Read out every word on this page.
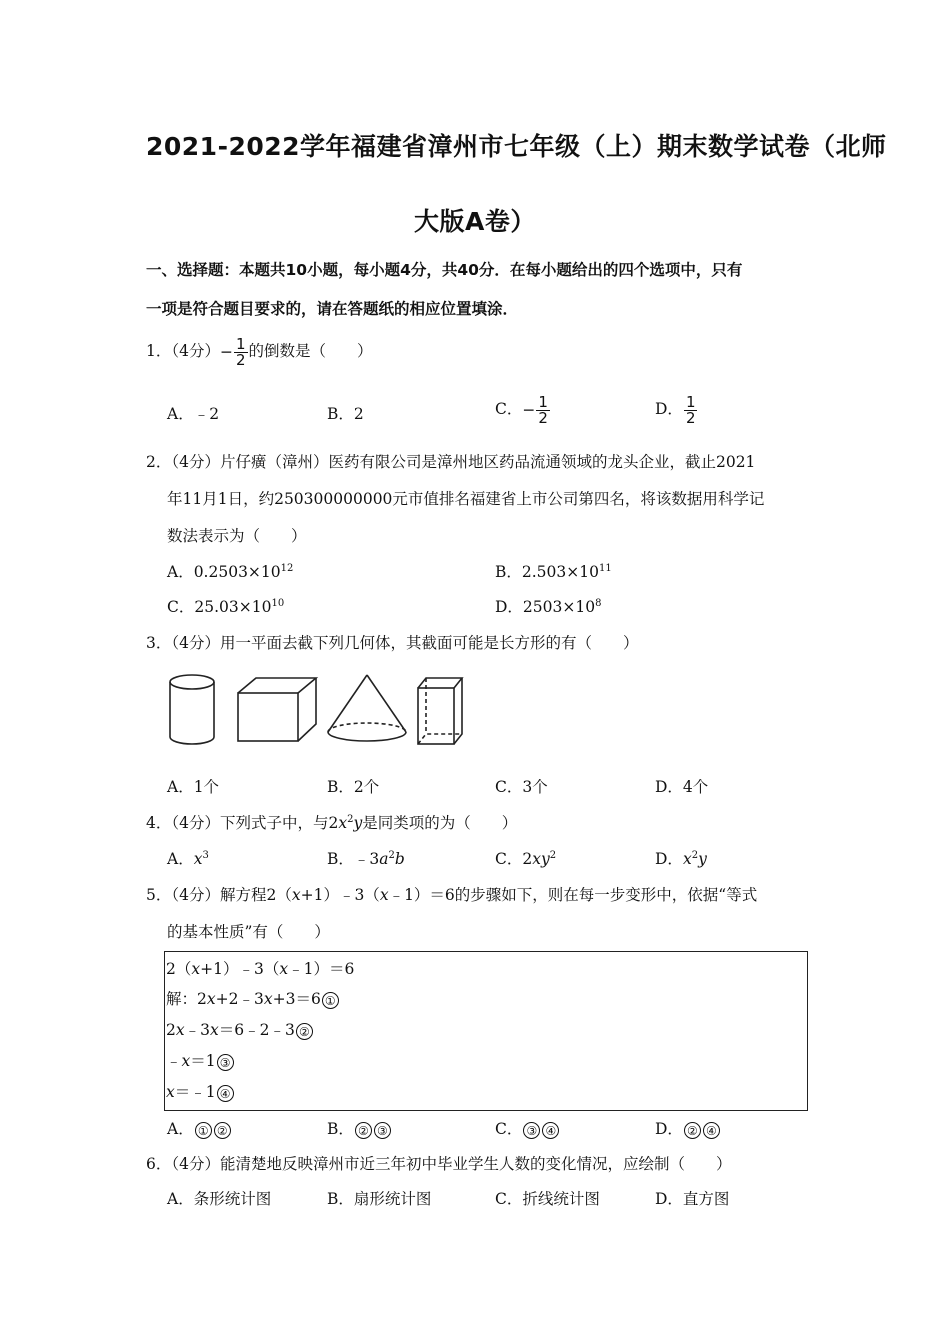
2021-2022学年福建省漳州市七年级（上）期末数学试卷（北师
大版A卷）
一、选择题：本题共10小题，每小题4分，共40分．在每小题给出的四个选项中，只有
一项是符合题目要求的，请在答题纸的相应位置填涂．
1．（4分）− $\frac{1}{2}$ 的倒数是（　　）
A．﹣2	B．2	C．− $\frac{1}{2}$	D． $\frac{1}{2}$
2．（4分）片仔癀（漳州）医药有限公司是漳州地区药品流通领域的龙头企业，截止2021
年11月1日，约250300000000元市值排名福建省上市公司第四名，将该数据用科学记
数法表示为（　　）
A．$0.2503\times 10^{12}$	B．$2.503\times 10^{11}$
C．$25.03\times 10^{10}$	D．$2503\times 10^8$
3．（4分）用一平面去截下列几何体，其截面可能是长方形的有（　　）
A．1个	B．2个	C．3个	D．4个
4．（4分）下列式子中，与$2x^2y$是同类项的为（　　）
A．$x^3$	B．$﹣3a^2b$	C．$2xy^2$	D．$x^2y$
5．（4分）解方程2（x+1）﹣3（x﹣1）＝6的步骤如下，则在每一步变形中，依据“等式
的基本性质”有（　　）
2（x+1）﹣3（x﹣1）＝6
解：2x+2﹣3x+3＝6 ①
2x﹣3x＝6﹣2﹣3 ②
﹣x＝1 ③
x＝﹣1 ④
A． ① ②	B． ② ③	C． ③ ④	D． ② ④
6．（4分）能清楚地反映漳州市近三年初中毕业学生人数的变化情况，应绘制（　　）
A．条形统计图	B．扇形统计图	C．折线统计图	D．直方图
